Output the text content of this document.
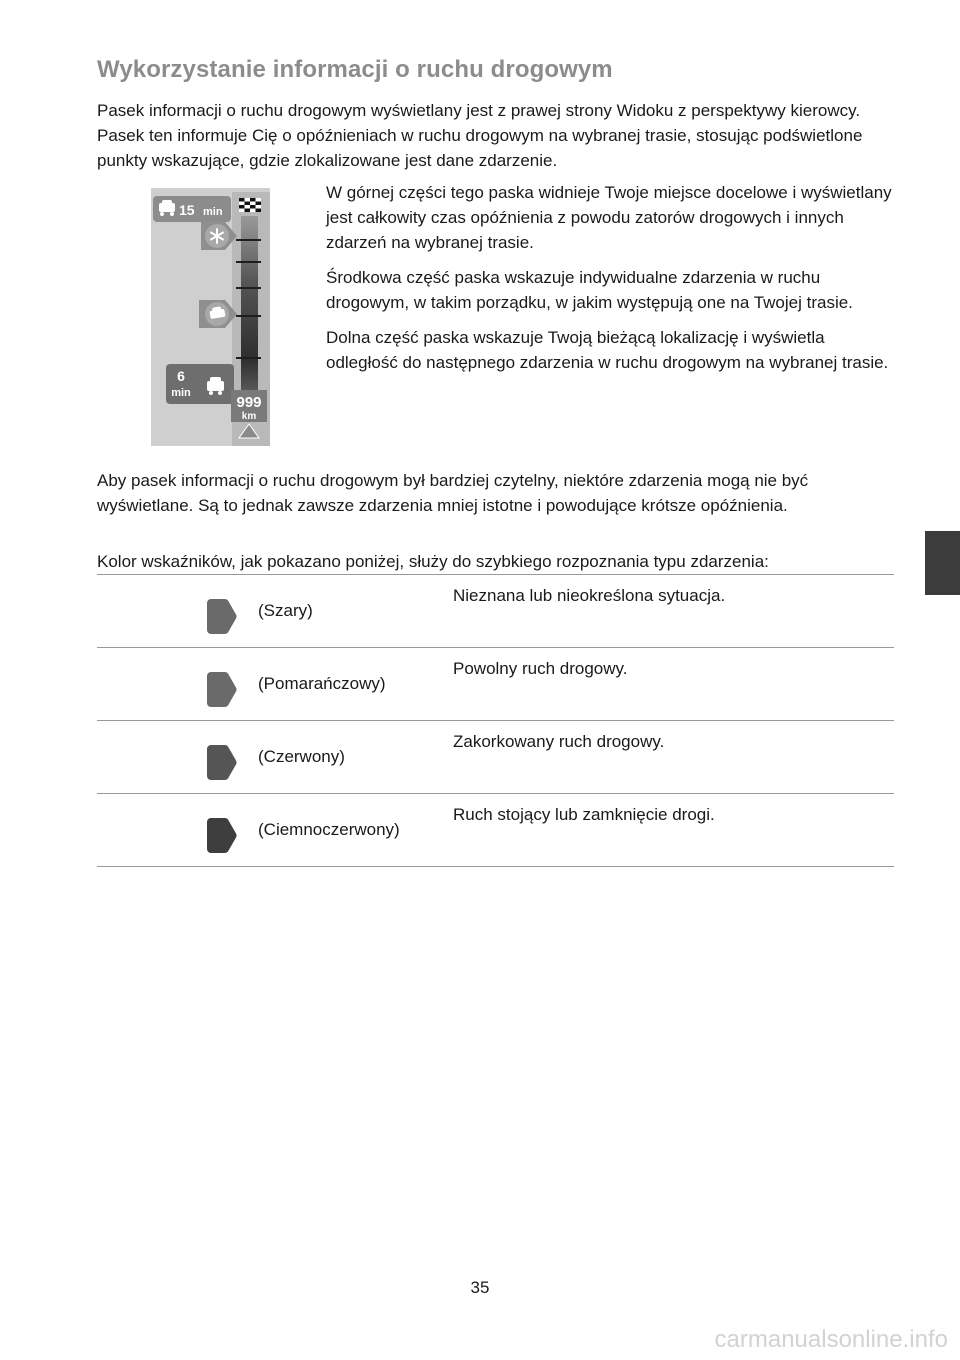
Wykorzystanie informacji o ruchu drogowym

Pasek informacji o ruchu drogowym wyświetlany jest z prawej strony Widoku z perspektywy kierowcy. Pasek ten informuje Cię o opóźnieniach w ruchu drogowym na wybranej trasie, stosując podświetlone punkty wskazujące, gdzie zlokalizowane jest dane zdarzenie.

15 min
6
min
999
km

W górnej części tego paska widnieje Twoje miejsce docelowe i wyświetlany jest całkowity czas opóźnienia z powodu zatorów drogowych i innych zdarzeń na wybranej trasie.

Środkowa część paska wskazuje indywidualne zdarzenia w ruchu drogowym, w takim porządku, w jakim występują one na Twojej trasie.

Dolna część paska wskazuje Twoją bieżącą lokalizację i wyświetla odległość do następnego zdarzenia w ruchu drogowym na wybranej trasie.

Aby pasek informacji o ruchu drogowym był bardziej czytelny, niektóre zdarzenia mogą nie być wyświetlane. Są to jednak zawsze zdarzenia mniej istotne i powodujące krótsze opóźnienia.

Kolor wskaźników, jak pokazano poniżej, służy do szybkiego rozpoznania typu zdarzenia:

(Szary)
Nieznana lub nieokreślona sytuacja.
(Pomarańczowy)
Powolny ruch drogowy.
(Czerwony)
Zakorkowany ruch drogowy.
(Ciemnoczerwony)
Ruch stojący lub zamknięcie drogi.
35
carmanualsonline.info
